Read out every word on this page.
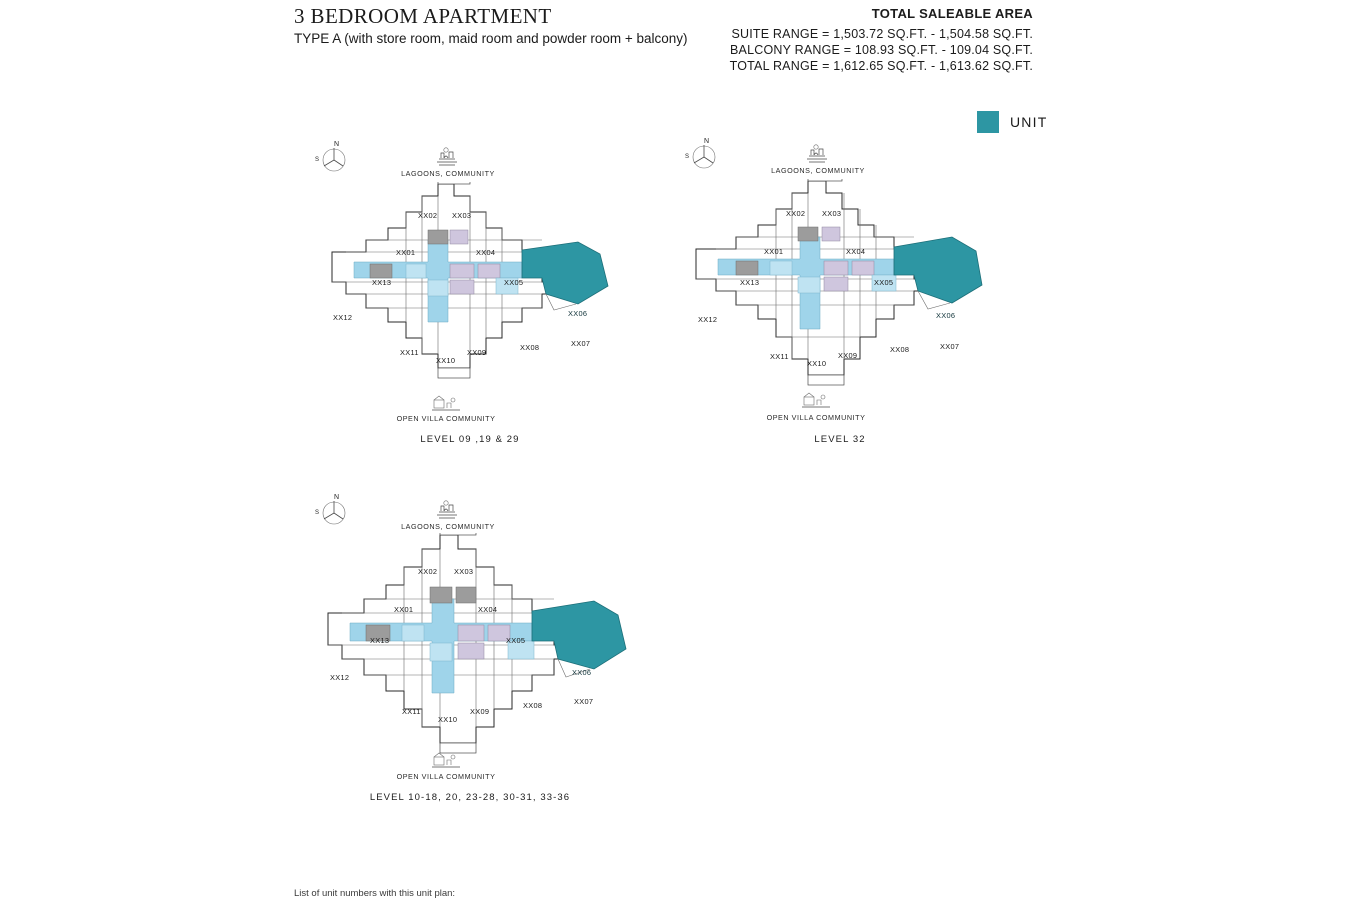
3 BEDROOM APARTMENT
TYPE A (with store room, maid room and powder room + balcony)
TOTAL SALEABLE AREA
SUITE RANGE = 1,503.72 SQ.FT. - 1,504.58 SQ.FT.
BALCONY RANGE = 108.93 SQ.FT. - 109.04 SQ.FT.
TOTAL RANGE = 1,612.65 SQ.FT. - 1,613.62 SQ.FT.
UNIT
N
S
LAGOONS, COMMUNITY
XX02 XX03
XX01	XX04
XX13	XX05
XX12	XX06
XX11	XX09
XX08	XX07
XX10
OPEN VILLA COMMUNITY
LEVEL 09 ,19 & 29
N
S
LAGOONS, COMMUNITY
XX02 XX03
XX01	XX04
XX13	XX05
XX12	XX06
XX11	XX09
XX08	XX07
XX10
OPEN VILLA COMMUNITY
LEVEL 32
N
S
LAGOONS, COMMUNITY
XX02 XX03
XX01	XX04
XX13	XX05
XX12
XX06
XX07
XX08
XX09
XX11
XX10
OPEN VILLA COMMUNITY
LEVEL 10-18, 20, 23-28, 30-31, 33-36
List of unit numbers with this unit plan:
